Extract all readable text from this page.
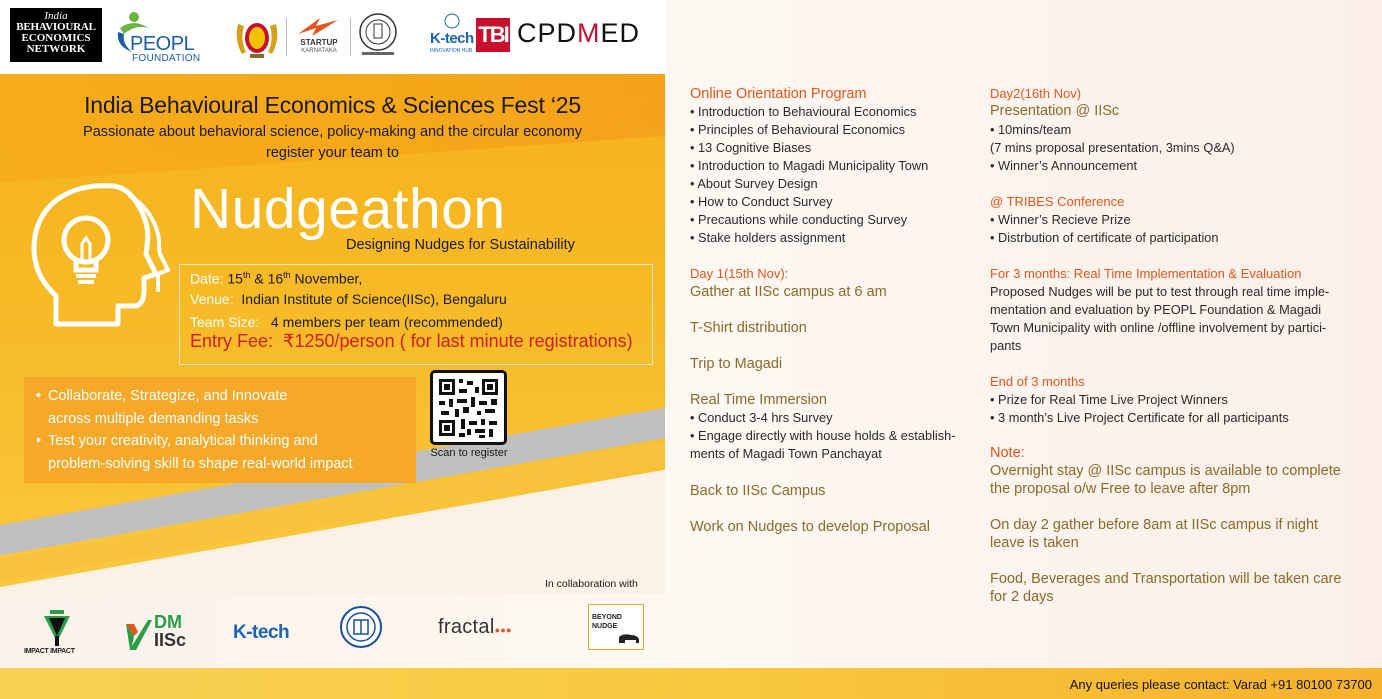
India
BEHAVIOURAL
ECONOMICS
NETWORK	PEOPL
FOUNDATION
STARTUP
KARNATAKA
K-tech
INNOVATION HUB
TBI CPDMED
India Behavioural Economics & Sciences Fest ‘25
Passionate about behavioral science, policy-making and the circular economy
register your team to
Nudgeathon
Designing Nudges for Sustainability
Date: 15th & 16th November,
Venue: Indian Institute of Science(IISc), Bengaluru
Team Size: 4 members per team (recommended)
Entry Fee: ₹1250/person ( for last minute registrations)
• Collaborate, Strategize, and Innovate
across multiple demanding tasks
• Test your creativity, analytical thinking and
problem-solving skill to shape real-world impact
Scan to register
In collaboration with
IMPACT IMPACT
DM
IISc K-tech	fractal●●●
BEYOND
NUDGE
Online Orientation Program
• Introduction to Behavioural Economics
• Principles of Behavioural Economics
• 13 Cognitive Biases
• Introduction to Magadi Municipality Town
• About Survey Design
• How to Conduct Survey
• Precautions while conducting Survey
• Stake holders assignment
Day 1(15th Nov):
Gather at IISc campus at 6 am
T-Shirt distribution
Trip to Magadi
Real Time Immersion
• Conduct 3-4 hrs Survey
• Engage directly with house holds & establish-
ments of Magadi Town Panchayat
Back to IISc Campus
Work on Nudges to develop Proposal
Day2(16th Nov)
Presentation @ IISc
• 10mins/team
(7 mins proposal presentation, 3mins Q&A)
• Winner’s Announcement
@ TRIBES Conference
• Winner’s Recieve Prize
• Distrbution of certificate of participation
For 3 months: Real Time Implementation & Evaluation
Proposed Nudges will be put to test through real time imple-
mentation and evaluation by PEOPL Foundation & Magadi
Town Municipality with online /offline involvement by partici-
pants
End of 3 months
• Prize for Real Time Live Project Winners
• 3 month’s Live Project Certificate for all participants
Note:
Overnight stay @ IISc campus is available to complete
the proposal o/w Free to leave after 8pm
On day 2 gather before 8am at IISc campus if night
leave is taken
Food, Beverages and Transportation will be taken care
for 2 days
Any queries please contact: Varad +91 80100 73700
